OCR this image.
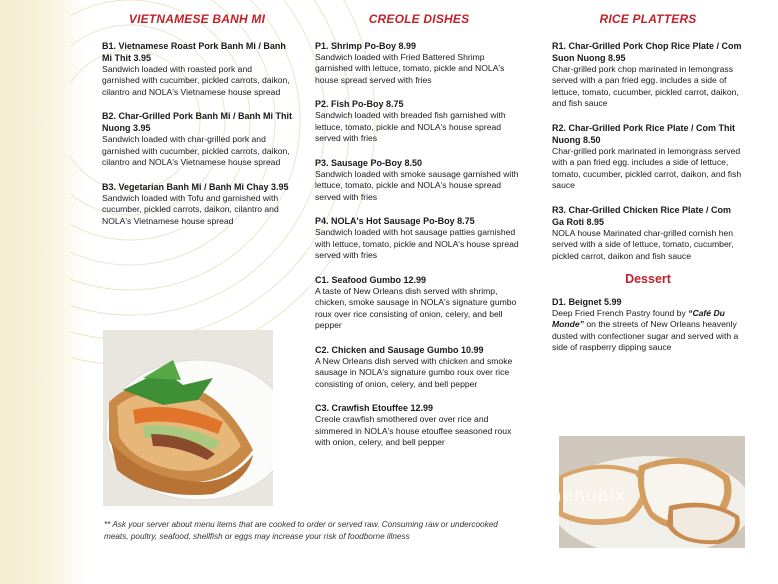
VIETNAMESE BANH MI
B1. Vietnamese Roast Pork Banh Mi / Banh Mi Thit 3.95
Sandwich loaded with roasted pork and garnished with cucumber, pickled carrots, daikon, cilantro and NOLA's Vietnamese house spread
B2. Char-Grilled Pork Banh Mi / Banh Mi Thit Nuong 3.95
Sandwich loaded with char-grilled pork and garnished with cucumber, pickled carrots, daikon, cilantro and NOLA's Vietnamese house spread
B3. Vegetarian Banh Mi / Banh Mi Chay 3.95
Sandwich loaded with Tofu and garnished with cucumber, pickled carrots, daikon, cilantro and NOLA's Vietnamese house spread
CREOLE DISHES
P1. Shrimp Po-Boy 8.99
Sandwich loaded with Fried Battered Shrimp garnished with lettuce, tomato, pickle and NOLA's house spread served with fries
P2. Fish Po-Boy 8.75
Sandwich loaded with breaded fish garnished with lettuce, tomato, pickle and NOLA's house spread served with fries
P3. Sausage Po-Boy 8.50
Sandwich loaded with smoke sausage garnished with lettuce, tomato, pickle and NOLA's house spread served with fries
P4. NOLA's Hot Sausage Po-Boy 8.75
Sandwich loaded with hot sausage patties garnished with lettuce, tomato, pickle and NOLA's house spread served with fries
C1. Seafood Gumbo 12.99
A taste of New Orleans dish served with shrimp, chicken, smoke sausage in NOLA's signature gumbo roux over rice consisting of onion, celery, and bell pepper
C2. Chicken and Sausage Gumbo 10.99
A New Orleans dish served with chicken and smoke sausage in NOLA's signature gumbo roux over rice consisting of onion, celery, and bell pepper
C3. Crawfish Etouffee 12.99
Creole crawfish smothered over over rice and simmered in NOLA's house etouffee seasoned roux with onion, celery, and bell pepper
RICE PLATTERS
R1. Char-Grilled Pork Chop Rice Plate / Com Suon Nuong 8.95
Char-grilled pork chop marinated in lemongrass served with a pan fried egg. includes a side of lettuce, tomato, cucumber, pickled carrot, daikon, and fish sauce
R2. Char-Grilled Pork Rice Plate / Com Thit Nuong 8.50
Char-grilled pork marinated in lemongrass served with a pan fried egg. includes a side of lettuce, tomato, cucumber, pickled carrot, daikon, and fish sauce
R3. Char-Grilled Chicken Rice Plate / Com Ga Roti 8.95
NOLA house Marinated char-grilled cornish hen served with a side of lettuce, tomato, cucumber, pickled carrot, daikon and fish sauce
Dessert
D1. Beignet 5.99
Deep Fried French Pastry found by “Café Du Monde” on the streets of New Orleans heavenly dusted with confectioner sugar and served with a side of raspberry dipping sauce
menupix
** Ask your server about menu items that are cooked to order or served raw. Consuming raw or undercooked meats, poultry, seafood, shellfish or eggs may increase your risk of foodborne illness
